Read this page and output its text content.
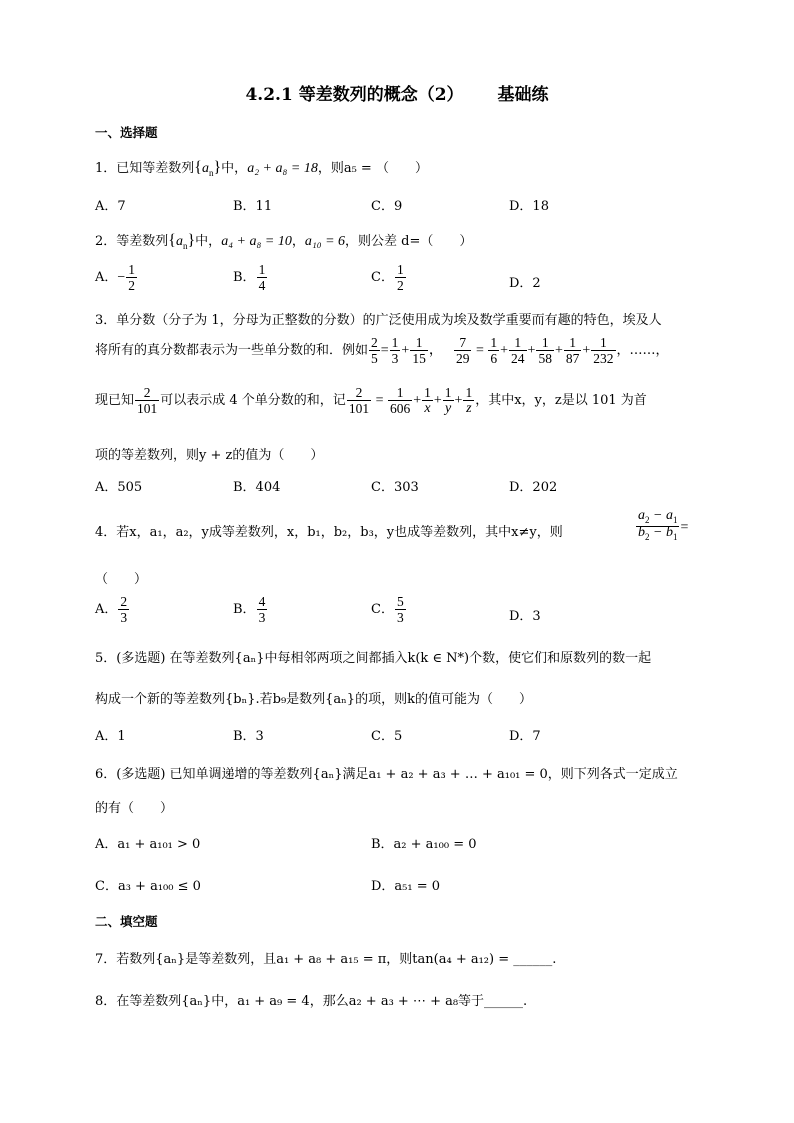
4.2.1 等差数列的概念（2） 基础练
一、选择题
1．已知等差数列$\{a_n\}$中，a₂ + a₈ = 18，则a₅ = （　　）
A．7	B．11	C．9	D．18
2．等差数列$\{a_n\}$中，a₄ + a₈ = 10，a₁₀ = 6，则公差 d=（　　）
A．− $\frac{1}{2}$	B． $\frac{1}{4}$	C． $\frac{1}{2}$	D．2
3．单分数（分子为 1，分母为正整数的分数）的广泛使用成为埃及数学重要而有趣的特色，埃及人
将所有的真分数都表示为一些单分数的和．例如 $\frac{2}{5} = \frac{1}{3} + \frac{1}{15}$ ， $\frac{7}{29} = \frac{1}{6} + \frac{1}{24} + \frac{1}{58} + \frac{1}{87} + \frac{1}{232}$ ，……，
现已知 $\frac{2}{101}$ 可以表示成 4 个单分数的和，记 $\frac{2}{101} = \frac{1}{606} + \frac{1}{x} + \frac{1}{y} + \frac{1}{z}$ ，其中x，y，z是以 101 为首
项的等差数列，则y + z的值为（　　）
A．505	B．404	C．303	D．202
4．若x，a₁，a₂，y成等差数列，x，b₁，b₂，b₃，y也成等差数列，其中x≠y，则	$\frac{a_2 - a_1}{b_2 - b_1}$ =
（　　）
A． $\frac{2}{3}$	B． $\frac{4}{3}$	C． $\frac{5}{3}$	D．3
5．(多选题) 在等差数列{aₙ}中每相邻两项之间都插入k(k ∈ N*)个数，使它们和原数列的数一起
构成一个新的等差数列{bₙ}.若b₉是数列{aₙ}的项，则k的值可能为（　　）
A．1	B．3	C．5	D．7
6．(多选题) 已知单调递增的等差数列{aₙ}满足a₁ + a₂ + a₃ + … + a₁₀₁ = 0，则下列各式一定成立
的有（　　）
A．a₁ + a₁₀₁ > 0	B．a₂ + a₁₀₀ = 0
C．a₃ + a₁₀₀ ≤ 0	D．a₅₁ = 0
二、填空题
7．若数列{aₙ}是等差数列，且a₁ + a₈ + a₁₅ = π，则tan(a₄ + a₁₂) = ______.
8．在等差数列{aₙ}中，a₁ + a₉ = 4，那么a₂ + a₃ + ⋯ + a₈等于______.
